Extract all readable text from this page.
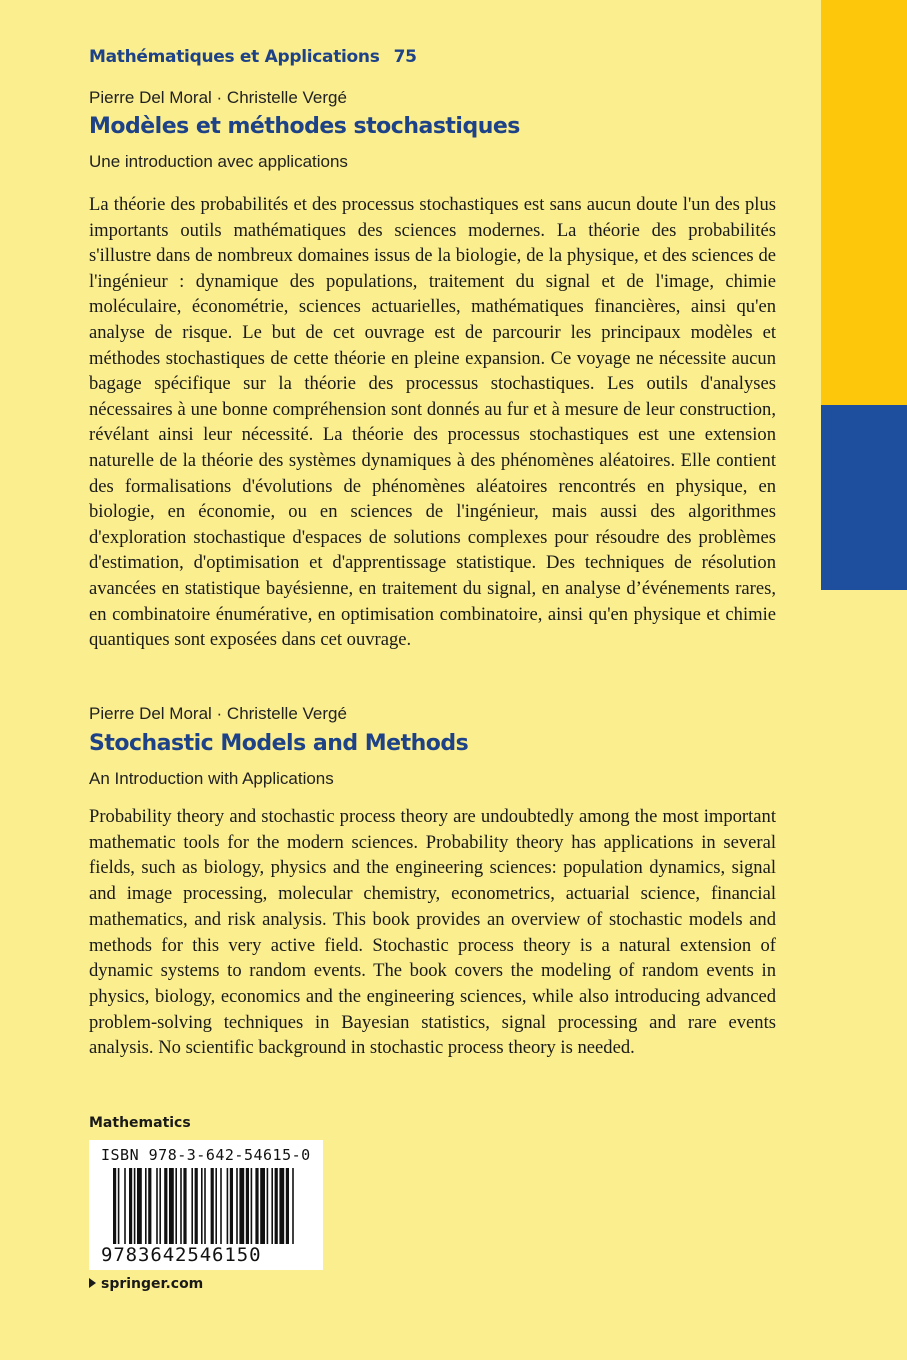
Mathématiques et Applications 75
Pierre Del Moral · Christelle Vergé
Modèles et méthodes stochastiques
Une introduction avec applications

La théorie des probabilités et des processus stochastiques est sans aucun doute l'un des plus importants outils mathématiques des sciences modernes. La théorie des probabilités s'illustre dans de nombreux domaines issus de la biologie, de la physique, et des sciences de l'ingénieur : dynamique des populations, traitement du signal et de l'image, chimie moléculaire, économétrie, sciences actuarielles, mathématiques financières, ainsi qu'en analyse de risque. Le but de cet ouvrage est de parcourir les principaux modèles et méthodes stochastiques de cette théorie en pleine expansion. Ce voyage ne nécessite aucun bagage spécifique sur la théorie des processus stochastiques. Les outils d'analyses nécessaires à une bonne compréhension sont donnés au fur et à mesure de leur construction, révélant ainsi leur nécessité. La théorie des processus stochastiques est une extension naturelle de la théorie des systèmes dynamiques à des phénomènes aléatoires. Elle contient des formalisations d'évolutions de phénomènes aléatoires rencontrés en physique, en biologie, en économie, ou en sciences de l'ingénieur, mais aussi des algorithmes d'exploration stochastique d'espaces de solutions complexes pour résoudre des problèmes d'estimation, d'optimisation et d'apprentissage statistique. Des techniques de résolution avancées en statistique bayésienne, en traitement du signal, en analyse d’événements rares, en combinatoire énumérative, en optimisation combinatoire, ainsi qu'en physique et chimie quantiques sont exposées dans cet ouvrage.

Pierre Del Moral · Christelle Vergé
Stochastic Models and Methods
An Introduction with Applications

Probability theory and stochastic process theory are undoubtedly among the most important mathematic tools for the modern sciences. Probability theory has applications in several fields, such as biology, physics and the engineering sciences: population dynamics, signal and image processing, molecular chemistry, econometrics, actuarial science, financial mathematics, and risk analysis. This book provides an overview of stochastic models and methods for this very active field. Stochastic process theory is a natural extension of dynamic systems to random events. The book covers the modeling of random events in physics, biology, economics and the engineering sciences, while also introducing advanced problem-solving techniques in Bayesian statistics, signal processing and rare events analysis. No scientific background in stochastic process theory is needed.

Mathematics
ISBN 978-3-642-54615-0
9783642546150
springer.com
